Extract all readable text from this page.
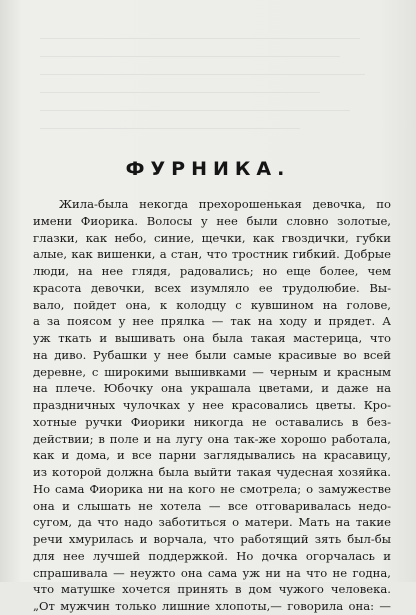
ФУРНИКА.
Жила-была некогда прехорошенькая девочка, по
имени Фиорика. Волосы у нее были словно золотые,
глазки, как небо, синие, щечки, как гвоздички, губки
алые, как вишенки, а стан, что тростник гибкий. Добрые
люди, на нее глядя, радовались; но еще более, чем
красота девочки, всех изумляло ее трудолюбие. Вы-
валo, пойдет она, к колодцу с кувшином на голове,
а за поясом у нее прялка — так на ходу и прядет. А
уж ткать и вышивать она была такая мастерица, что
на диво. Рубашки у нее были самые красивые во всей
деревне, с широкими вышивками — черным и красным
на плече. Юбочку она украшала цветами, и даже на
праздничных чулочках у нее красовались цветы. Кро-
хотные ручки Фиорики никогда не оставались в без-
действии; в поле и на лугу она так-же хорошо работала,
как и дома, и все парни заглядывались на красавицу,
из которой должна была выйти такая чудесная хозяйка.
Но сама Фиорика ни на кого не смотрела; о замужестве
она и слышать не хотела — все отговаривалась недо-
сугом, да что надо заботиться о матери. Мать на такие
речи хмурилась и ворчала, что работящий зять был-бы
для нее лучшей поддержкой. Но дочка огорчалась и
спрашивала — неужто она сама уж ни на что не годна,
что матушке хочется принять в дом чужого человека.
„От мужчин только лишние хлопоты,— говорила она: —
